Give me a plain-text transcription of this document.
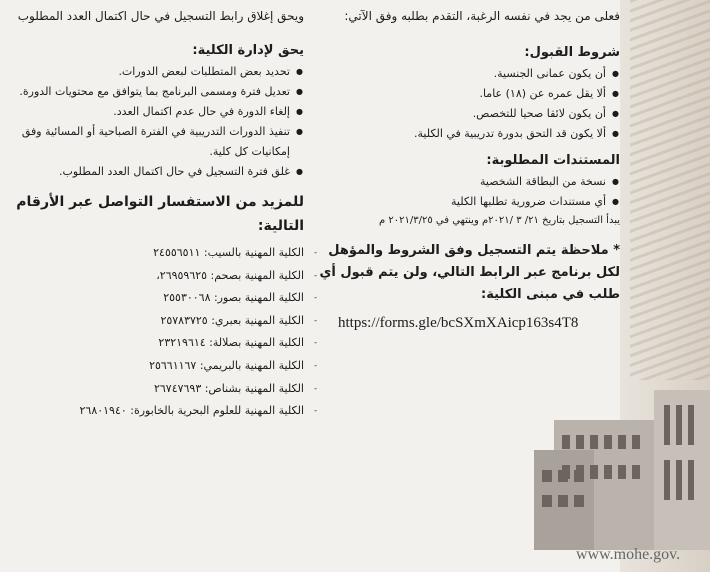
www.mohe.gov.

فعلى من يجد في نفسه الرغبة، التقدم بطلبه وفق الآتي:

شروط القبول:
● أن يكون عمانى الجنسية.
● ألا يقل عمره عن (١٨) عاما.
● أن يكون لائقا صحيا للتخصص.
● ألا يكون قد التحق بدورة تدريبية في الكلية.
المستندات المطلوبة:
● نسخة من البطاقة الشخصية
● أي مستندات ضرورية تطلبها الكلية

يبدأ التسجيل بتاريخ ٢١/ ٣ /٢٠٢١م وينتهي في ٢٠٢١/٣/٢٥ م

* ملاحظة يتم التسجيل وفق الشروط والمؤهل لكل برنامج عبر الرابط التالي، ولن يتم قبول أي طلب في مبنى الكلية:

https://forms.gle/bcSXmXAicp163s4T8

ويحق إغلاق رابط التسجيل في حال اكتمال العدد المطلوب

يحق لإدارة الكلية:
● تحديد بعض المتطلبات لبعض الدورات.
● تعديل فترة ومسمى البرنامج بما يتوافق مع محتويات الدورة.
● إلغاء الدورة في حال عدم اكتمال العدد.
● تنفيذ الدورات التدريبية في الفترة الصباحية أو المسائية وفق إمكانيات كل كلية.
● غلق فترة التسجيل في حال اكتمال العدد المطلوب.

للمزيد من الاستفسار التواصل عبر الأرقام التالية:

- الكلية المهنية بالسيب: ٢٤٥٥٦٥١١
- الكلية المهنية بصحم: ٢٦٩٥٩٦٢٥،
- الكلية المهنية بصور: ٢٥٥٣٠٠٦٨
- الكلية المهنية بعبري: ٢٥٧٨٣٧٢٥
- الكلية المهنية بصلالة: ٢٣٢١٩٦١٤
- الكلية المهنية بالبريمي: ٢٥٦٦١١٦٧
- الكلية المهنية بشناص: ٢٦٧٤٧٦٩٣
- الكلية المهنية للعلوم البحرية بالخابورة: ٢٦٨٠١٩٤٠
